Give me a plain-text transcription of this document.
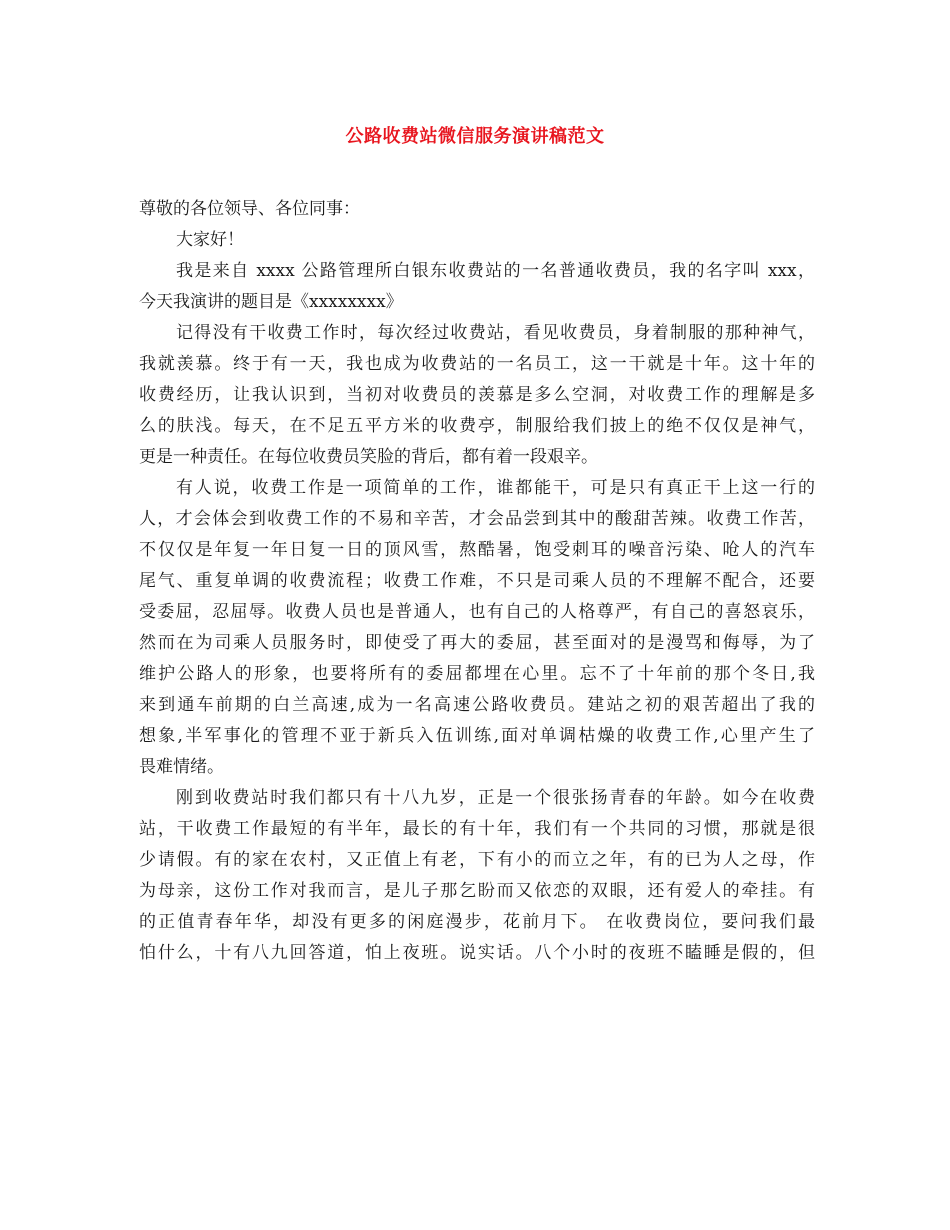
公路收费站微信服务演讲稿范文
尊敬的各位领导、各位同事：
大家好！
我是来自 xxxx 公路管理所白银东收费站的一名普通收费员，我的名字叫 xxx，
今天我演讲的题目是《xxxxxxxx》
记得没有干收费工作时，每次经过收费站，看见收费员，身着制服的那种神气，
我就羡慕。终于有一天，我也成为收费站的一名员工，这一干就是十年。这十年的
收费经历，让我认识到，当初对收费员的羡慕是多么空洞，对收费工作的理解是多
么的肤浅。每天，在不足五平方米的收费亭，制服给我们披上的绝不仅仅是神气，
更是一种责任。在每位收费员笑脸的背后，都有着一段艰辛。
有人说，收费工作是一项简单的工作，谁都能干，可是只有真正干上这一行的
人，才会体会到收费工作的不易和辛苦，才会品尝到其中的酸甜苦辣。收费工作苦，
不仅仅是年复一年日复一日的顶风雪，熬酷暑，饱受刺耳的噪音污染、呛人的汽车
尾气、重复单调的收费流程；收费工作难，不只是司乘人员的不理解不配合，还要
受委屈，忍屈辱。收费人员也是普通人，也有自己的人格尊严，有自己的喜怒哀乐，
然而在为司乘人员服务时，即使受了再大的委屈，甚至面对的是漫骂和侮辱，为了
维护公路人的形象，也要将所有的委屈都埋在心里。忘不了十年前的那个冬日,我
来到通车前期的白兰高速,成为一名高速公路收费员。建站之初的艰苦超出了我的
想象,半军事化的管理不亚于新兵入伍训练,面对单调枯燥的收费工作,心里产生了
畏难情绪。
刚到收费站时我们都只有十八九岁，正是一个很张扬青春的年龄。如今在收费
站，干收费工作最短的有半年，最长的有十年，我们有一个共同的习惯，那就是很
少请假。有的家在农村，又正值上有老，下有小的而立之年，有的已为人之母，作
为母亲，这份工作对我而言，是儿子那乞盼而又依恋的双眼，还有爱人的牵挂。有
的正值青春年华，却没有更多的闲庭漫步，花前月下。 在收费岗位，要问我们最
怕什么，十有八九回答道，怕上夜班。说实话。八个小时的夜班不瞌睡是假的，但
